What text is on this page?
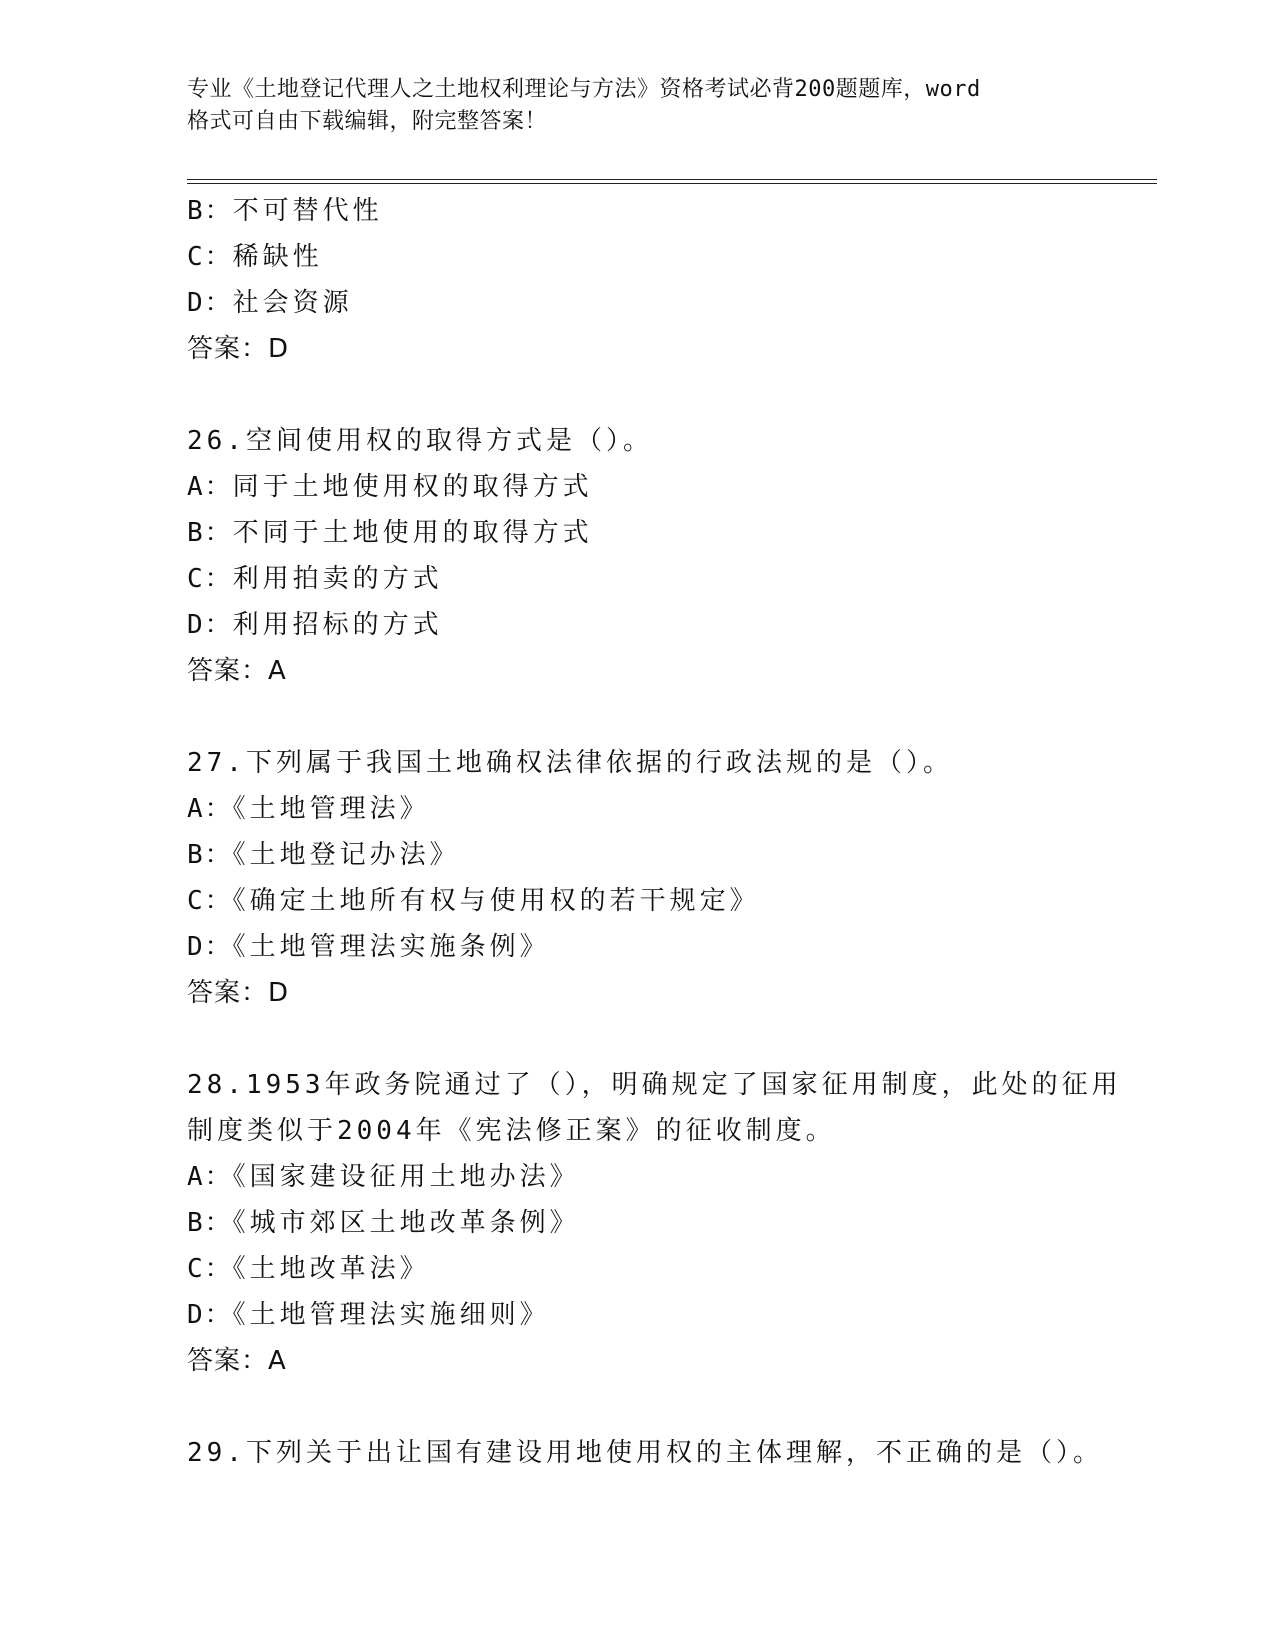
专业《土地登记代理人之土地权利理论与方法》资格考试必背200题题库，word
格式可自由下载编辑，附完整答案！
B：不可替代性
C：稀缺性
D：社会资源
答案：D
26.空间使用权的取得方式是（）。
A：同于土地使用权的取得方式
B：不同于土地使用的取得方式
C：利用拍卖的方式
D：利用招标的方式
答案：A
27.下列属于我国土地确权法律依据的行政法规的是（）。
A：《土地管理法》
B：《土地登记办法》
C：《确定土地所有权与使用权的若干规定》
D：《土地管理法实施条例》
答案：D
28.1953年政务院通过了（），明确规定了国家征用制度，此处的征用
制度类似于2004年《宪法修正案》的征收制度。
A：《国家建设征用土地办法》
B：《城市郊区土地改革条例》
C：《土地改革法》
D：《土地管理法实施细则》
答案：A
29.下列关于出让国有建设用地使用权的主体理解，不正确的是（）。
